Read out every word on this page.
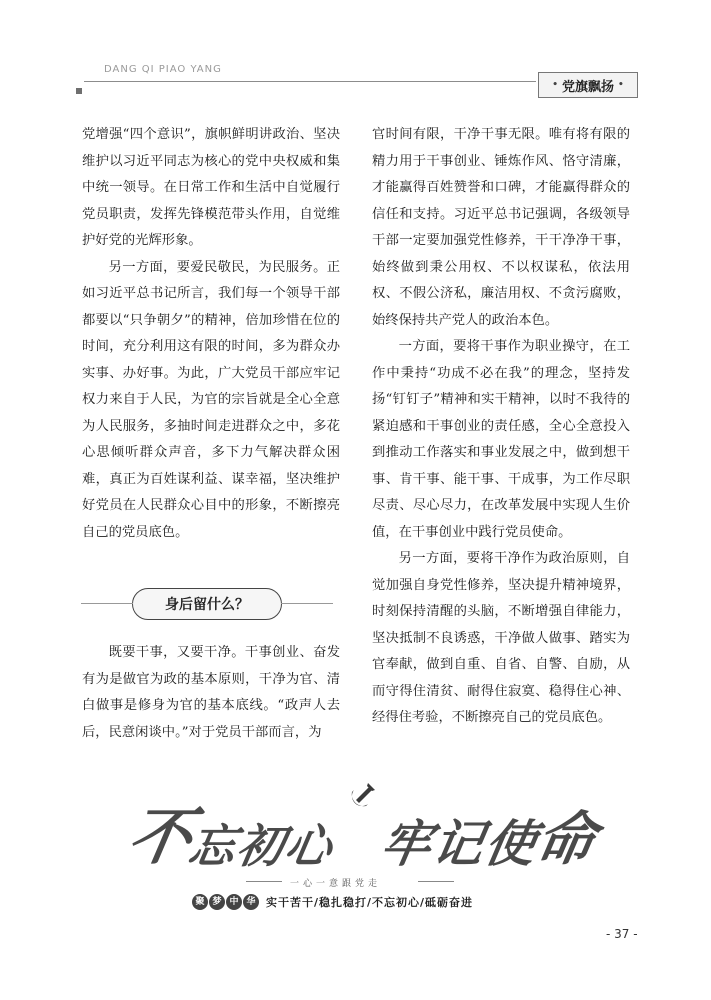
DANG QI PIAO YANG
• 党旗飘扬 •

党增强“四个意识”，旗帜鲜明讲政治、坚决维护以习近平同志为核心的党中央权威和集中统一领导。在日常工作和生活中自觉履行党员职责，发挥先锋模范带头作用，自觉维护好党的光辉形象。

另一方面，要爱民敬民，为民服务。正如习近平总书记所言，我们每一个领导干部都要以“只争朝夕”的精神，倍加珍惜在位的时间，充分利用这有限的时间，多为群众办实事、办好事。为此，广大党员干部应牢记权力来自于人民，为官的宗旨就是全心全意为人民服务，多抽时间走进群众之中，多花心思倾听群众声音，多下力气解决群众困难，真正为百姓谋利益、谋幸福，坚决维护好党员在人民群众心目中的形象，不断擦亮自己的党员底色。

身后留什么？

既要干事，又要干净。干事创业、奋发有为是做官为政的基本原则，干净为官、清白做事是修身为官的基本底线。“政声人去后，民意闲谈中。”对于党员干部而言，为

官时间有限，干净干事无限。唯有将有限的精力用于干事创业、锤炼作风、恪守清廉，才能赢得百姓赞誉和口碑，才能赢得群众的信任和支持。习近平总书记强调，各级领导干部一定要加强党性修养，干干净净干事，始终做到秉公用权、不以权谋私，依法用权、不假公济私，廉洁用权、不贪污腐败，始终保持共产党人的政治本色。

一方面，要将干事作为职业操守，在工作中秉持“功成不必在我”的理念，坚持发扬“钉钉子”精神和实干精神，以时不我待的紧迫感和干事创业的责任感，全心全意投入到推动工作落实和事业发展之中，做到想干事、肯干事、能干事、干成事，为工作尽职尽责、尽心尽力，在改革发展中实现人生价值，在干事创业中践行党员使命。

另一方面，要将干净作为政治原则，自觉加强自身党性修养，坚决提升精神境界，时刻保持清醒的头脑，不断增强自律能力，坚决抵制不良诱惑，干净做人做事、踏实为官奉献，做到自重、自省、自警、自励，从而守得住清贫、耐得住寂寞、稳得住心神、经得住考验，不断擦亮自己的党员底色。

不
忘
初
心 牢
记
使
命
一心一意跟党走
聚 梦 中 华 实干苦干/稳扎稳打/不忘初心/砥砺奋进
- 37 -
